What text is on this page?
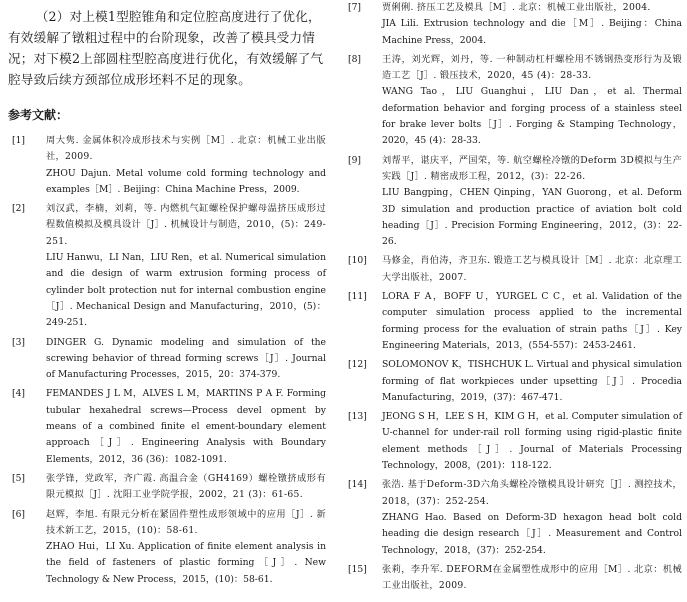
（2）对上模1型腔锥角和定位腔高度进行了优化，有效缓解了镦粗过程中的台阶现象，改善了模具受力情况；对下模2上部圆柱型腔高度进行优化，有效缓解了气腔导致后续方颈部位成形坯料不足的现象。

参考文献：
[1]	周大隽. 金属体积冷成形技术与实例［M］. 北京：机械工业出版社，2009.
ZHOU Dajun. Metal volume cold forming technology and examples［M］. Beijing：China Machine Press，2009.
[2]	刘汉武，李楠，刘莉，等. 内燃机气缸螺栓保护螺母温挤压成形过程数值模拟及模具设计［J］. 机械设计与制造，2010，(5)：249-251.
LIU Hanwu，LI Nan，LIU Ren，et al. Numerical simulation and die design of warm extrusion forming process of cylinder bolt protection nut for internal combustion engine［J］. Mechanical Design and Manufacturing，2010，(5)：249-251.
[3]	DINGER G. Dynamic modeling and simulation of the screwing behavior of thread forming screws［J］. Journal of Manufacturing Processes，2015，20：374-379.
[4]	FEMANDES J L M，ALVES L M，MARTINS P A F. Forming tubular hexahedral screws—Process devel opment by means of a combined finite el ement-boundary element approach［J］. Engineering Analysis with Boundary Elements，2012，36 (36)：1082-1091.
[5]	张学锋，党政军，齐广霞. 高温合金（GH4169）螺栓镦挤成形有限元模拟［J］. 沈阳工业学院学报，2002，21 (3)：61-65.
[6]	赵辉，李旭. 有限元分析在紧固件塑性成形领域中的应用［J］. 新技术新工艺，2015，(10)：58-61.
ZHAO Hui，LI Xu. Application of finite element analysis in the field of fasteners of plastic forming［J］. New Technology & New Process，2015，(10)：58-61.
[7]	贾俐俐. 挤压工艺及模具［M］. 北京：机械工业出版社，2004.
JIA Lili. Extrusion technology and die［M］. Beijing：China Machine Press，2004.
[8]	王涛，刘光辉，刘丹，等. 一种制动杠杆螺栓用不锈钢热变形行为及锻造工艺［J］. 锻压技术，2020，45 (4)：28-33.
WANG Tao，LIU Guanghui，LIU Dan，et al. Thermal deformation behavior and forging process of a stainless steel for brake lever bolts［J］. Forging & Stamping Technology，2020，45 (4)：28-33.
[9]	刘帮平，谌庆平，严国荣，等. 航空螺栓冷镦的Deform 3D模拟与生产实践［J］. 精密成形工程，2012，(3)：22-26.
LIU Bangping，CHEN Qinping，YAN Guorong，et al. Deform 3D simulation and production practice of aviation bolt cold heading［J］. Precision Forming Engineering，2012，(3)：22-26.
[10]	马修金，肖伯涛，齐卫东. 锻造工艺与模具设计［M］. 北京：北京理工大学出版社，2007.
[11]	LORA F A，BOFF U，YURGEL C C，et al. Validation of the computer simulation process applied to the incremental forming process for the evaluation of strain paths［J］. Key Engineering Materials，2013，(554-557)：2453-2461.
[12]	SOLOMONOV K，TISHCHUK L. Virtual and physical simulation forming of flat workpieces under upsetting［J］. Procedia Manufacturing，2019，(37)：467-471.
[13]	JEONG S H，LEE S H，KIM G H，et al. Computer simulation of U-channel for under-rail roll forming using rigid-plastic finite element methods［J］. Journal of Materials Processing Technology，2008，(201)：118-122.
[14]	张浩. 基于Deform-3D六角头螺栓冷镦模具设计研究［J］. 测控技术，2018，(37)：252-254.
ZHANG Hao. Based on Deform-3D hexagon head bolt cold heading die design research［J］. Measurement and Control Technology，2018，(37)：252-254.
[15]	张莉，李升军. DEFORM在金属塑性成形中的应用［M］. 北京：机械工业出版社，2009.
